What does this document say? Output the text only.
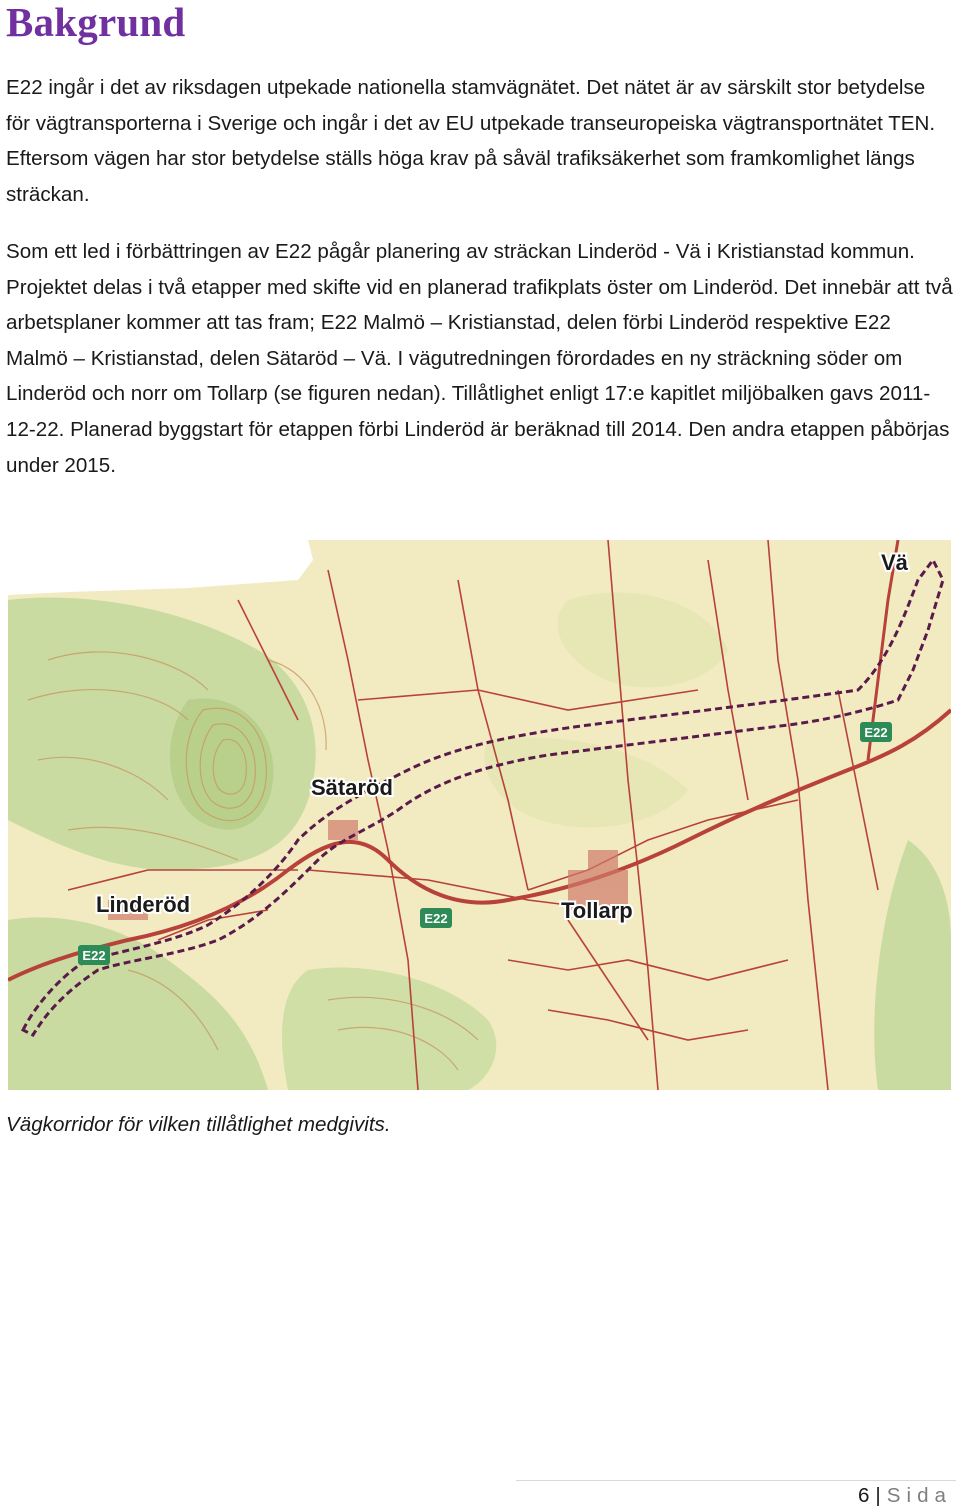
Bakgrund

E22 ingår i det av riksdagen utpekade nationella stamvägnätet. Det nätet är av särskilt stor betydelse för vägtransporterna i Sverige och ingår i det av EU utpekade transeuropeiska vägtransportnätet TEN. Eftersom vägen har stor betydelse ställs höga krav på såväl trafiksäkerhet som framkomlighet längs sträckan.

Som ett led i förbättringen av E22 pågår planering av sträckan Linderöd - Vä i Kristianstad kommun. Projektet delas i två etapper med skifte vid en planerad trafikplats öster om Linderöd. Det innebär att två arbetsplaner kommer att tas fram; E22 Malmö – Kristianstad, delen förbi Linderöd respektive E22 Malmö – Kristianstad, delen Sätaröd – Vä. I vägutredningen förordades en ny sträckning söder om Linderöd och norr om Tollarp (se figuren nedan). Tillåtlighet enligt 17:e kapitlet miljöbalken gavs 2011-12-22. Planerad byggstart för etappen förbi Linderöd är beräknad till 2014. Den andra etappen påbörjas under 2015.

E22
E22
E22
Vä
Sätaröd
Linderöd	Tollarp

Vägkorridor för vilken tillåtlighet medgivits.

6 | Sida
